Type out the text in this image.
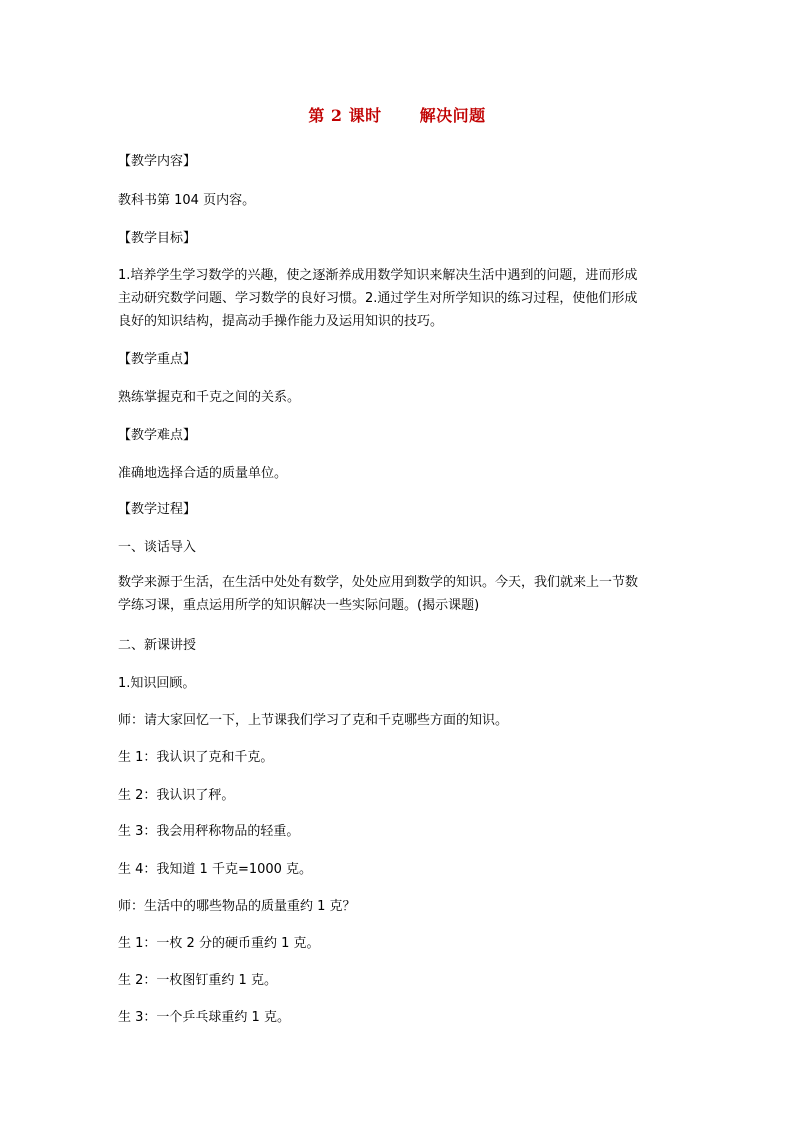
第 2 课时 解决问题
【教学内容】
教科书第 104 页内容。
【教学目标】
1.培养学生学习数学的兴趣，使之逐渐养成用数学知识来解决生活中遇到的问题，进而形成
主动研究数学问题、学习数学的良好习惯。2.通过学生对所学知识的练习过程，使他们形成
良好的知识结构，提高动手操作能力及运用知识的技巧。
【教学重点】
熟练掌握克和千克之间的关系。
【教学难点】
准确地选择合适的质量单位。
【教学过程】
一、谈话导入
数学来源于生活，在生活中处处有数学，处处应用到数学的知识。今天，我们就来上一节数
学练习课，重点运用所学的知识解决一些实际问题。(揭示课题)
二、新课讲授
1.知识回顾。
师：请大家回忆一下，上节课我们学习了克和千克哪些方面的知识。
生 1：我认识了克和千克。
生 2：我认识了秤。
生 3：我会用秤称物品的轻重。
生 4：我知道 1 千克=1000 克。
师：生活中的哪些物品的质量重约 1 克？
生 1：一枚 2 分的硬币重约 1 克。
生 2：一枚图钉重约 1 克。
生 3：一个乒乓球重约 1 克。
